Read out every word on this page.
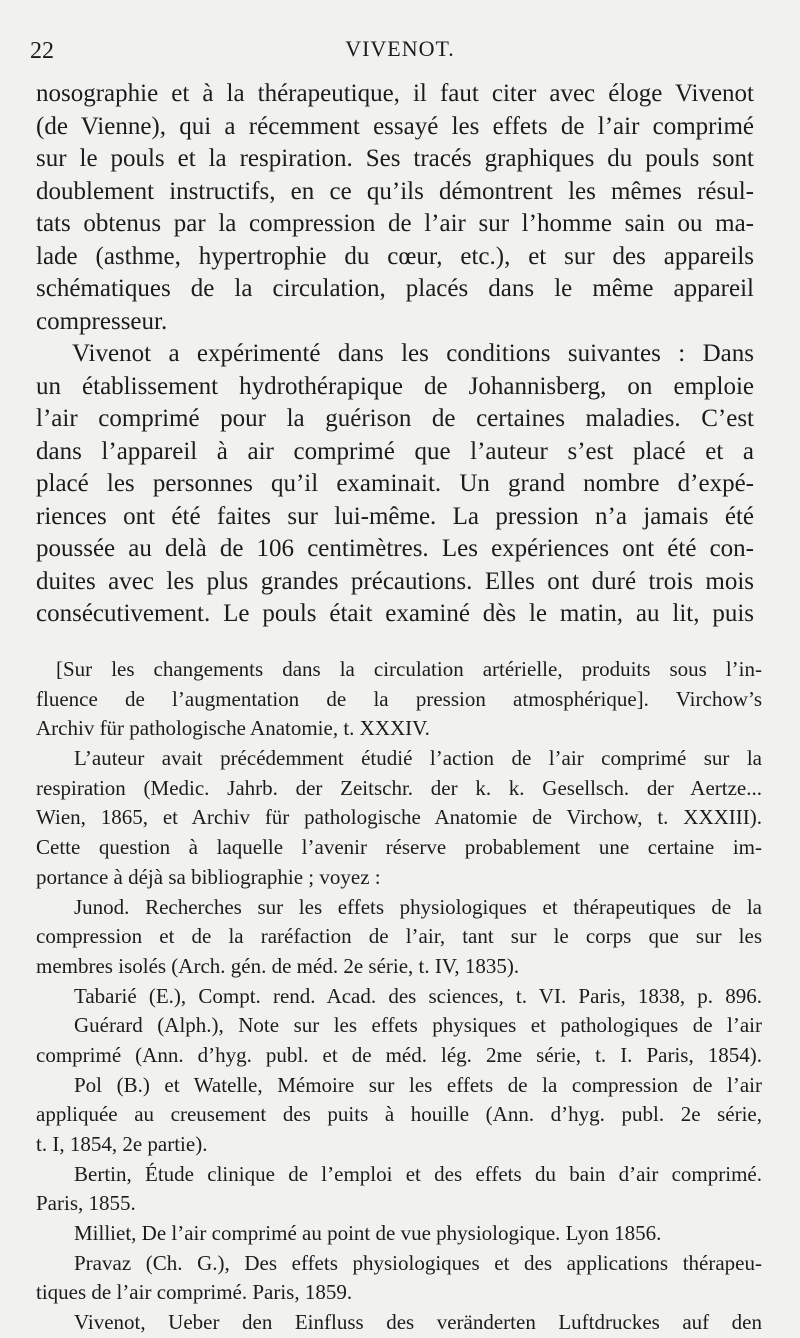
22	VIVENOT.
nosographie et à la thérapeutique, il faut citer avec éloge Vivenot
(de Vienne), qui a récemment essayé les effets de l’air comprimé
sur le pouls et la respiration. Ses tracés graphiques du pouls sont
doublement instructifs, en ce qu’ils démontrent les mêmes résul-
tats obtenus par la compression de l’air sur l’homme sain ou ma-
lade (asthme, hypertrophie du cœur, etc.), et sur des appareils
schématiques de la circulation, placés dans le même appareil
compresseur.
Vivenot a expérimenté dans les conditions suivantes : Dans
un établissement hydrothérapique de Johannisberg, on emploie
l’air comprimé pour la guérison de certaines maladies. C’est
dans l’appareil à air comprimé que l’auteur s’est placé et a
placé les personnes qu’il examinait. Un grand nombre d’expé-
riences ont été faites sur lui-même. La pression n’a jamais été
poussée au delà de 106 centimètres. Les expériences ont été con-
duites avec les plus grandes précautions. Elles ont duré trois mois
consécutivement. Le pouls était examiné dès le matin, au lit, puis
[Sur les changements dans la circulation artérielle, produits sous l’in-
fluence de l’augmentation de la pression atmosphérique]. Virchow’s
Archiv für pathologische Anatomie, t. XXXIV.
L’auteur avait précédemment étudié l’action de l’air comprimé sur la
respiration (Medic. Jahrb. der Zeitschr. der k. k. Gesellsch. der Aertze...
Wien, 1865, et Archiv für pathologische Anatomie de Virchow, t. XXXIII).
Cette question à laquelle l’avenir réserve probablement une certaine im-
portance à déjà sa bibliographie ; voyez :
Junod. Recherches sur les effets physiologiques et thérapeutiques de la
compression et de la raréfaction de l’air, tant sur le corps que sur les
membres isolés (Arch. gén. de méd. 2e série, t. IV, 1835).
Tabarié (E.), Compt. rend. Acad. des sciences, t. VI. Paris, 1838, p. 896.
Guérard (Alph.), Note sur les effets physiques et pathologiques de l’air
comprimé (Ann. d’hyg. publ. et de méd. lég. 2me série, t. I. Paris, 1854).
Pol (B.) et Watelle, Mémoire sur les effets de la compression de l’air
appliquée au creusement des puits à houille (Ann. d’hyg. publ. 2e série,
t. I, 1854, 2e partie).
Bertin, Étude clinique de l’emploi et des effets du bain d’air comprimé.
Paris, 1855.
Milliet, De l’air comprimé au point de vue physiologique. Lyon 1856.
Pravaz (Ch. G.), Des effets physiologiques et des applications thérapeu-
tiques de l’air comprimé. Paris, 1859.
Vivenot, Ueber den Einfluss des veränderten Luftdruckes auf den
